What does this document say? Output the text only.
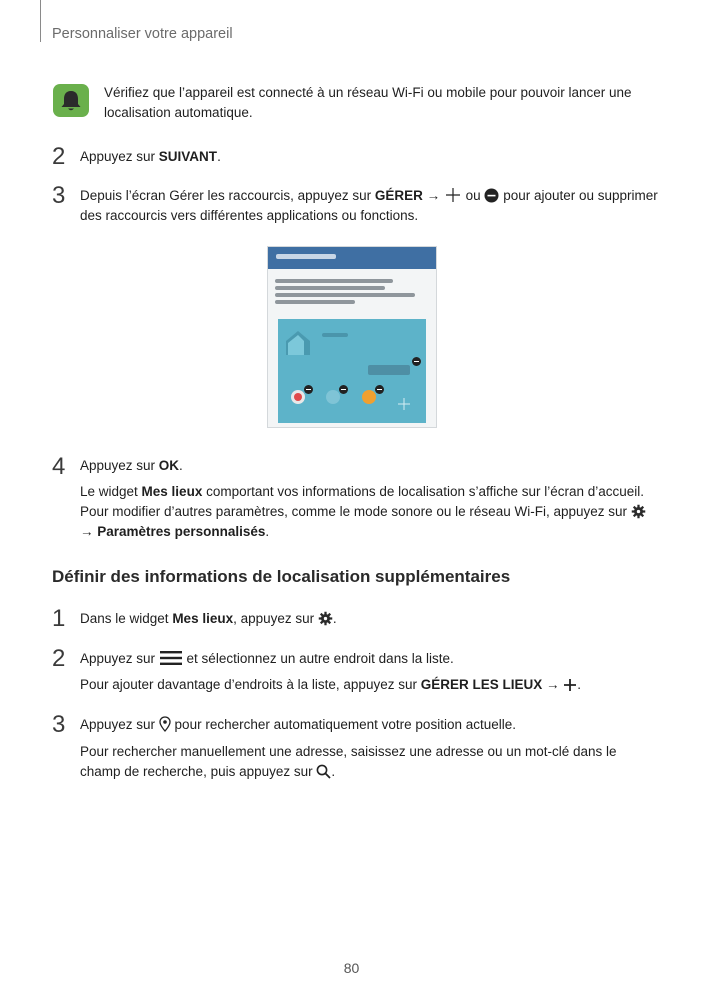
Personnaliser votre appareil
Vérifiez que l’appareil est connecté à un réseau Wi-Fi ou mobile pour pouvoir lancer une localisation automatique.
2 Appuyez sur SUIVANT.
3 Depuis l’écran Gérer les raccourcis, appuyez sur GÉRER →  ou  pour ajouter ou supprimer des raccourcis vers différentes applications ou fonctions.
4 Appuyez sur OK.
Le widget Mes lieux comportant vos informations de localisation s’affiche sur l’écran d’accueil. Pour modifier d’autres paramètres, comme le mode sonore ou le réseau Wi-Fi, appuyez sur  → Paramètres personnalisés.
Définir des informations de localisation supplémentaires
1 Dans le widget Mes lieux, appuyez sur .
2 Appuyez sur  et sélectionnez un autre endroit dans la liste.
Pour ajouter davantage d’endroits à la liste, appuyez sur GÉRER LES LIEUX → .
3 Appuyez sur  pour rechercher automatiquement votre position actuelle.
Pour rechercher manuellement une adresse, saisissez une adresse ou un mot-clé dans le champ de recherche, puis appuyez sur .
80
